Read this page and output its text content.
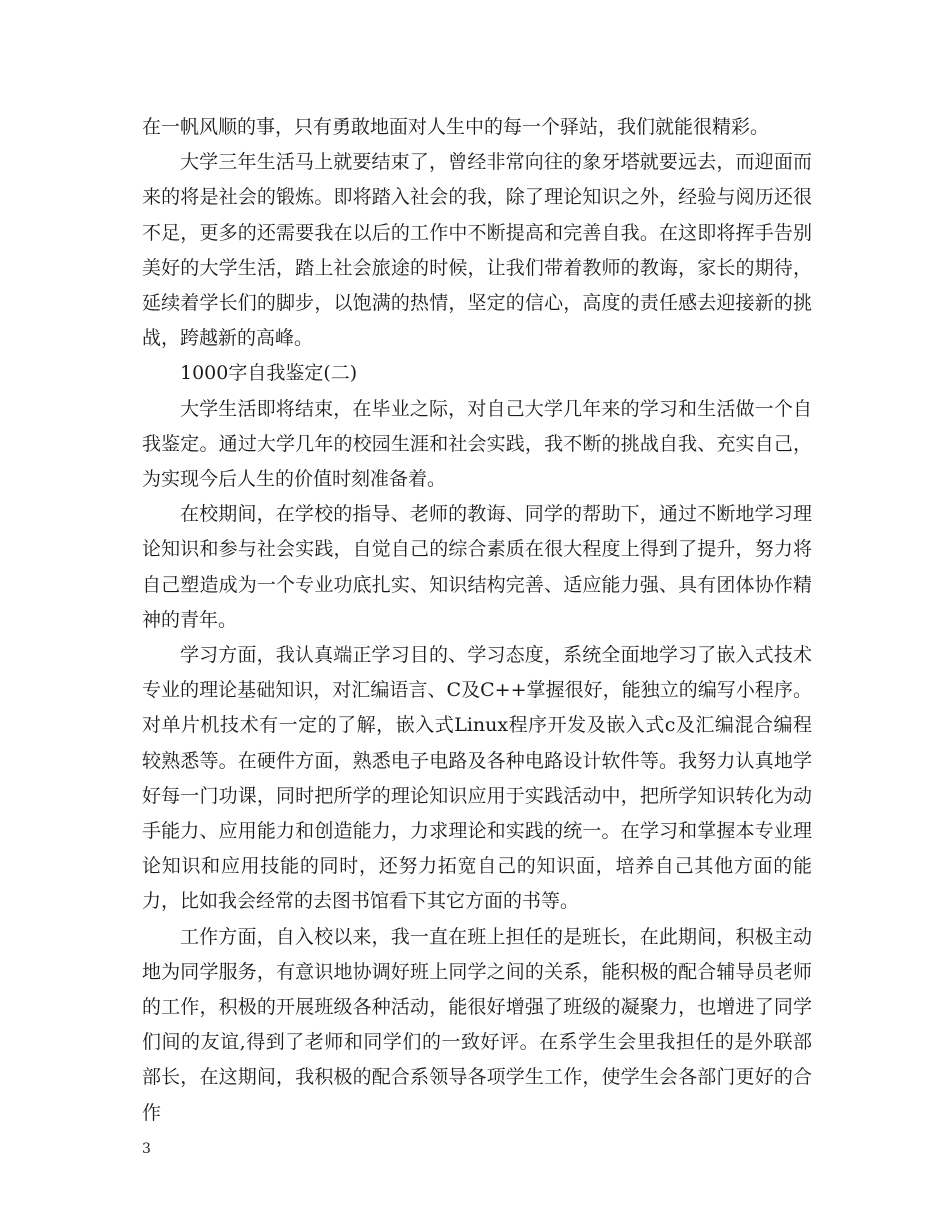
在一帆风顺的事，只有勇敢地面对人生中的每一个驿站，我们就能很精彩。

大学三年生活马上就要结束了，曾经非常向往的象牙塔就要远去，而迎面而来的将是社会的锻炼。即将踏入社会的我，除了理论知识之外，经验与阅历还很不足，更多的还需要我在以后的工作中不断提高和完善自我。在这即将挥手告别美好的大学生活，踏上社会旅途的时候，让我们带着教师的教诲，家长的期待，延续着学长们的脚步，以饱满的热情，坚定的信心，高度的责任感去迎接新的挑战，跨越新的高峰。

1000字自我鉴定(二)

大学生活即将结束，在毕业之际，对自己大学几年来的学习和生活做一个自我鉴定。通过大学几年的校园生涯和社会实践，我不断的挑战自我、充实自己，为实现今后人生的价值时刻准备着。

在校期间，在学校的指导、老师的教诲、同学的帮助下，通过不断地学习理论知识和参与社会实践，自觉自己的综合素质在很大程度上得到了提升，努力将自己塑造成为一个专业功底扎实、知识结构完善、适应能力强、具有团体协作精神的青年。

学习方面，我认真端正学习目的、学习态度，系统全面地学习了嵌入式技术专业的理论基础知识，对汇编语言、C及C++掌握很好，能独立的编写小程序。对单片机技术有一定的了解，嵌入式Linux程序开发及嵌入式c及汇编混合编程较熟悉等。在硬件方面，熟悉电子电路及各种电路设计软件等。我努力认真地学好每一门功课，同时把所学的理论知识应用于实践活动中，把所学知识转化为动手能力、应用能力和创造能力，力求理论和实践的统一。在学习和掌握本专业理论知识和应用技能的同时，还努力拓宽自己的知识面，培养自己其他方面的能力，比如我会经常的去图书馆看下其它方面的书等。

工作方面，自入校以来，我一直在班上担任的是班长，在此期间，积极主动地为同学服务，有意识地协调好班上同学之间的关系，能积极的配合辅导员老师的工作，积极的开展班级各种活动，能很好增强了班级的凝聚力，也增进了同学们间的友谊,得到了老师和同学们的一致好评。在系学生会里我担任的是外联部部长，在这期间，我积极的配合系领导各项学生工作，使学生会各部门更好的合作

3
